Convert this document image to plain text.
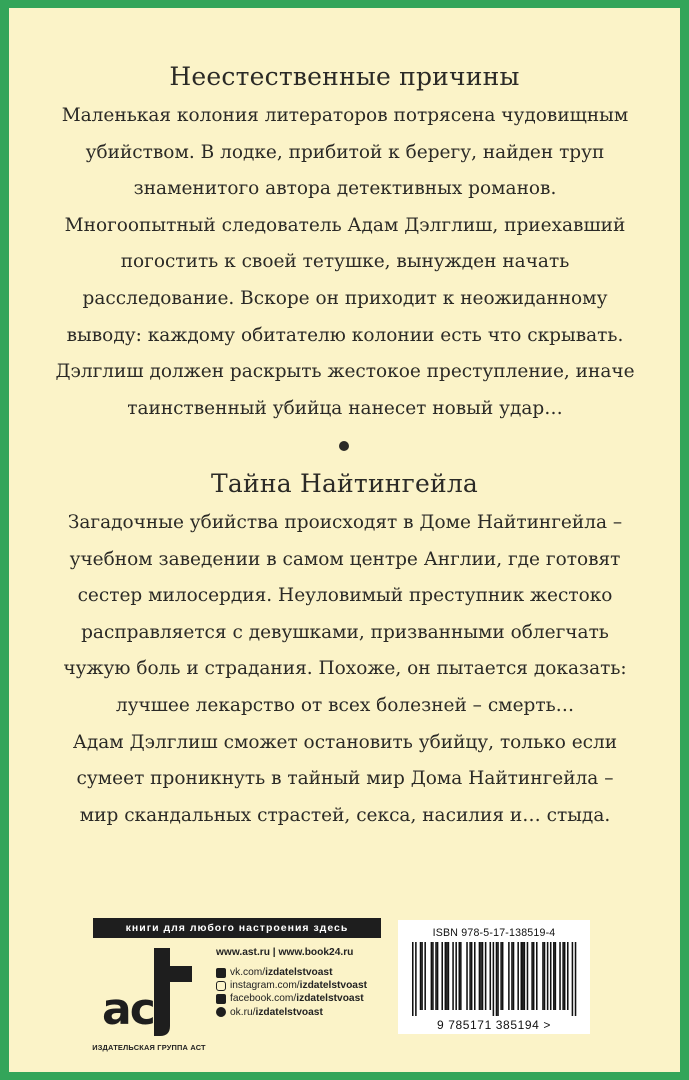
Неестественные причины
Маленькая колония литераторов потрясена чудовищным
убийством. В лодке, прибитой к берегу, найден труп
знаменитого автора детективных романов.
Многоопытный следователь Адам Дэлглиш, приехавший
погостить к своей тетушке, вынужден начать
расследование. Вскоре он приходит к неожиданному
выводу: каждому обитателю колонии есть что скрывать.
Дэлглиш должен раскрыть жестокое преступление, иначе
таинственный убийца нанесет новый удар…
Тайна Найтингейла
Загадочные убийства происходят в Доме Найтингейла –
учебном заведении в самом центре Англии, где готовят
сестер милосердия. Неуловимый преступник жестоко
расправляется с девушками, призванными облегчать
чужую боль и страдания. Похоже, он пытается доказать:
лучшее лекарство от всех болезней – смерть…
Адам Дэлглиш сможет остановить убийцу, только если
сумеет проникнуть в тайный мир Дома Найтингейла –
мир скандальных страстей, секса, насилия и… стыда.
книги для любого настроения здесь
ас
ИЗДАТЕЛЬСКАЯ ГРУППА АСТ
www.ast.ru | www.book24.ru
vk.com/ izdatelstvoast
instagram.com/ izdatelstvoast
facebook.com/ izdatelstvoast
ok.ru/ izdatelstvoast
ISBN 978-5-17-138519-4
9 785171 385194 >
